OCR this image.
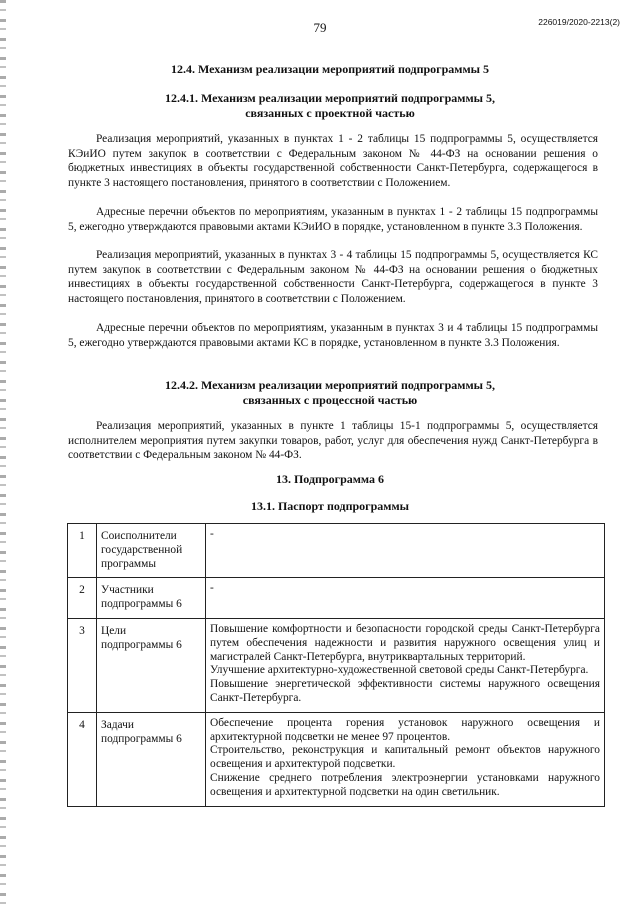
79	226019/2020-2213(2)
12.4. Механизм реализации мероприятий подпрограммы 5
12.4.1. Механизм реализации мероприятий подпрограммы 5,
связанных с проектной частью
Реализация мероприятий, указанных в пунктах 1 - 2 таблицы 15 подпрограммы 5, осуществляется КЭиИО путем закупок в соответствии с Федеральным законом № 44-ФЗ на основании решения о бюджетных инвестициях в объекты государственной собственности Санкт-Петербурга, содержащегося в пункте 3 настоящего постановления, принятого в соответствии с Положением.
Адресные перечни объектов по мероприятиям, указанным в пунктах 1 - 2 таблицы 15 подпрограммы 5, ежегодно утверждаются правовыми актами КЭиИО в порядке, установленном в пункте 3.3 Положения.
Реализация мероприятий, указанных в пунктах 3 - 4 таблицы 15 подпрограммы 5, осуществляется КС путем закупок в соответствии с Федеральным законом № 44-ФЗ на основании решения о бюджетных инвестициях в объекты государственной собственности Санкт-Петербурга, содержащегося в пункте 3 настоящего постановления, принятого в соответствии с Положением.
Адресные перечни объектов по мероприятиям, указанным в пунктах 3 и 4 таблицы 15 подпрограммы 5, ежегодно утверждаются правовыми актами КС в порядке, установленном в пункте 3.3 Положения.
12.4.2. Механизм реализации мероприятий подпрограммы 5,
связанных с процессной частью
Реализация мероприятий, указанных в пункте 1 таблицы 15-1 подпрограммы 5, осуществляется исполнителем мероприятия путем закупки товаров, работ, услуг для обеспечения нужд Санкт-Петербурга в соответствии с Федеральным законом № 44-ФЗ.
13. Подпрограмма 6
13.1. Паспорт подпрограммы
1	Соисполнители государственной программы	-

2	Участники подпрограммы 6	-

3	Цели подпрограммы 6	Повышение комфортности и безопасности городской среды Санкт-Петербурга путем обеспечения надежности и развития наружного освещения улиц и магистралей Санкт-Петербурга, внутриквартальных территорий.
Улучшение архитектурно-художественной световой среды Санкт-Петербурга.
Повышение энергетической эффективности системы наружного освещения Санкт-Петербурга.

4	Задачи подпрограммы 6	Обеспечение процента горения установок наружного освещения и архитектурной подсветки не менее 97 процентов.
Строительство, реконструкция и капитальный ремонт объектов наружного освещения и архитектурой подсветки.
Снижение среднего потребления электроэнергии установками наружного освещения и архитектурной подсветки на один светильник.
